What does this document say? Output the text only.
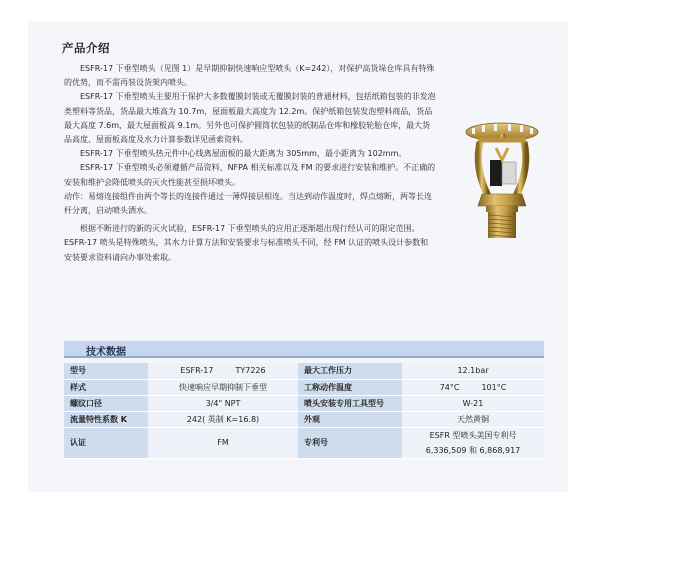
产品介绍

ESFR-17 下垂型喷头（见图 1）是早期抑制快速响应型喷头（K=242），对保护高货垛仓库具有特殊的优势，而不需再装设货架内喷头。

ESFR-17 下垂型喷头主要用于保护大多数覆膜封装或无覆膜封装的普通材料，包括纸箱包装的非发泡类塑料等货品，货品最大堆高为 10.7m，屋面板最大高度为 12.2m。保护纸箱包装发泡塑料商品，货品最大高度 7.6m，最大屋面板高 9.1m。另外也可保护圆筒状包装的纸制品仓库和橡胶轮胎仓库，最大货品高度、屋面板高度及水力计算参数详见函索资料。

ESFR-17 下垂型喷头热元件中心线离屋面板的最大距离为 305mm，最小距离为 102mm。

ESFR-17 下垂型喷头必须遵循产品资料、NFPA 相关标准以及 FM 的要求进行安装和维护。不正确的安装和维护会降低喷头的灭火性能甚至损坏喷头。

动作：易熔连接组件由两个等长的连接件通过一薄焊接层相连。当达到动作温度时，焊点熔断，两等长连杆分离，启动喷头洒水。

根据不断进行的新的灭火试验，ESFR-17 下垂型喷头的应用正逐渐超出现行经认可的限定范围。ESFR-17 喷头是特殊喷头，其水力计算方法和安装要求与标准喷头不同，经 FM 认证的喷头设计参数和安装要求资料请向办事处索取。

技术数据
型号	ESFR-17 TY7226	最大工作压力	12.1bar
样式	快速响应早期抑制下垂型	工称动作温度	74°C 101°C
螺纹口径	3/4" NPT	喷头安装专用工具型号	W-21
流量特性系数 K	242( 英制 K=16.8)	外观	天然黄铜
认证	FM	专利号	ESFR 型喷头美国专利号
6,336,509 和 6,868,917
